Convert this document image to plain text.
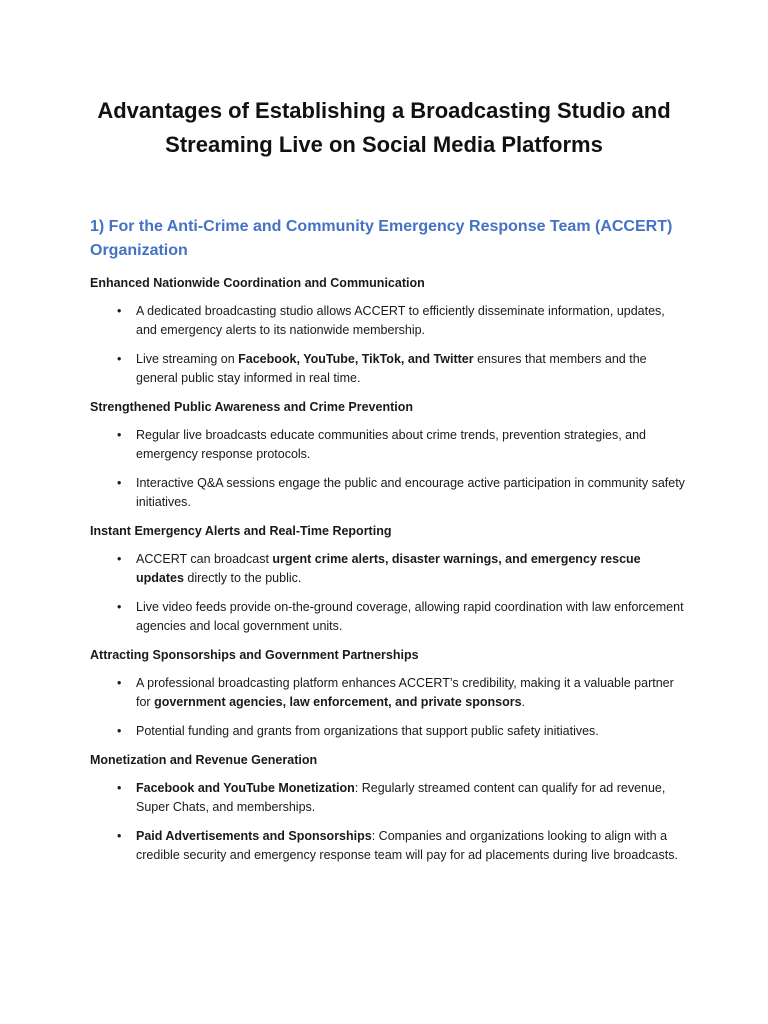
Advantages of Establishing a Broadcasting Studio and
Streaming Live on Social Media Platforms
1) For the Anti-Crime and Community Emergency Response Team (ACCERT) Organization
Enhanced Nationwide Coordination and Communication
• A dedicated broadcasting studio allows ACCERT to efficiently disseminate information, updates, and emergency alerts to its nationwide membership.
• Live streaming on Facebook, YouTube, TikTok, and Twitter ensures that members and the general public stay informed in real time.
Strengthened Public Awareness and Crime Prevention
• Regular live broadcasts educate communities about crime trends, prevention strategies, and emergency response protocols.
• Interactive Q&A sessions engage the public and encourage active participation in community safety initiatives.
Instant Emergency Alerts and Real-Time Reporting
• ACCERT can broadcast urgent crime alerts, disaster warnings, and emergency rescue updates directly to the public.
• Live video feeds provide on-the-ground coverage, allowing rapid coordination with law enforcement agencies and local government units.
Attracting Sponsorships and Government Partnerships
• A professional broadcasting platform enhances ACCERT’s credibility, making it a valuable partner for government agencies, law enforcement, and private sponsors.
• Potential funding and grants from organizations that support public safety initiatives.
Monetization and Revenue Generation
• Facebook and YouTube Monetization: Regularly streamed content can qualify for ad revenue, Super Chats, and memberships.
• Paid Advertisements and Sponsorships: Companies and organizations looking to align with a credible security and emergency response team will pay for ad placements during live broadcasts.
